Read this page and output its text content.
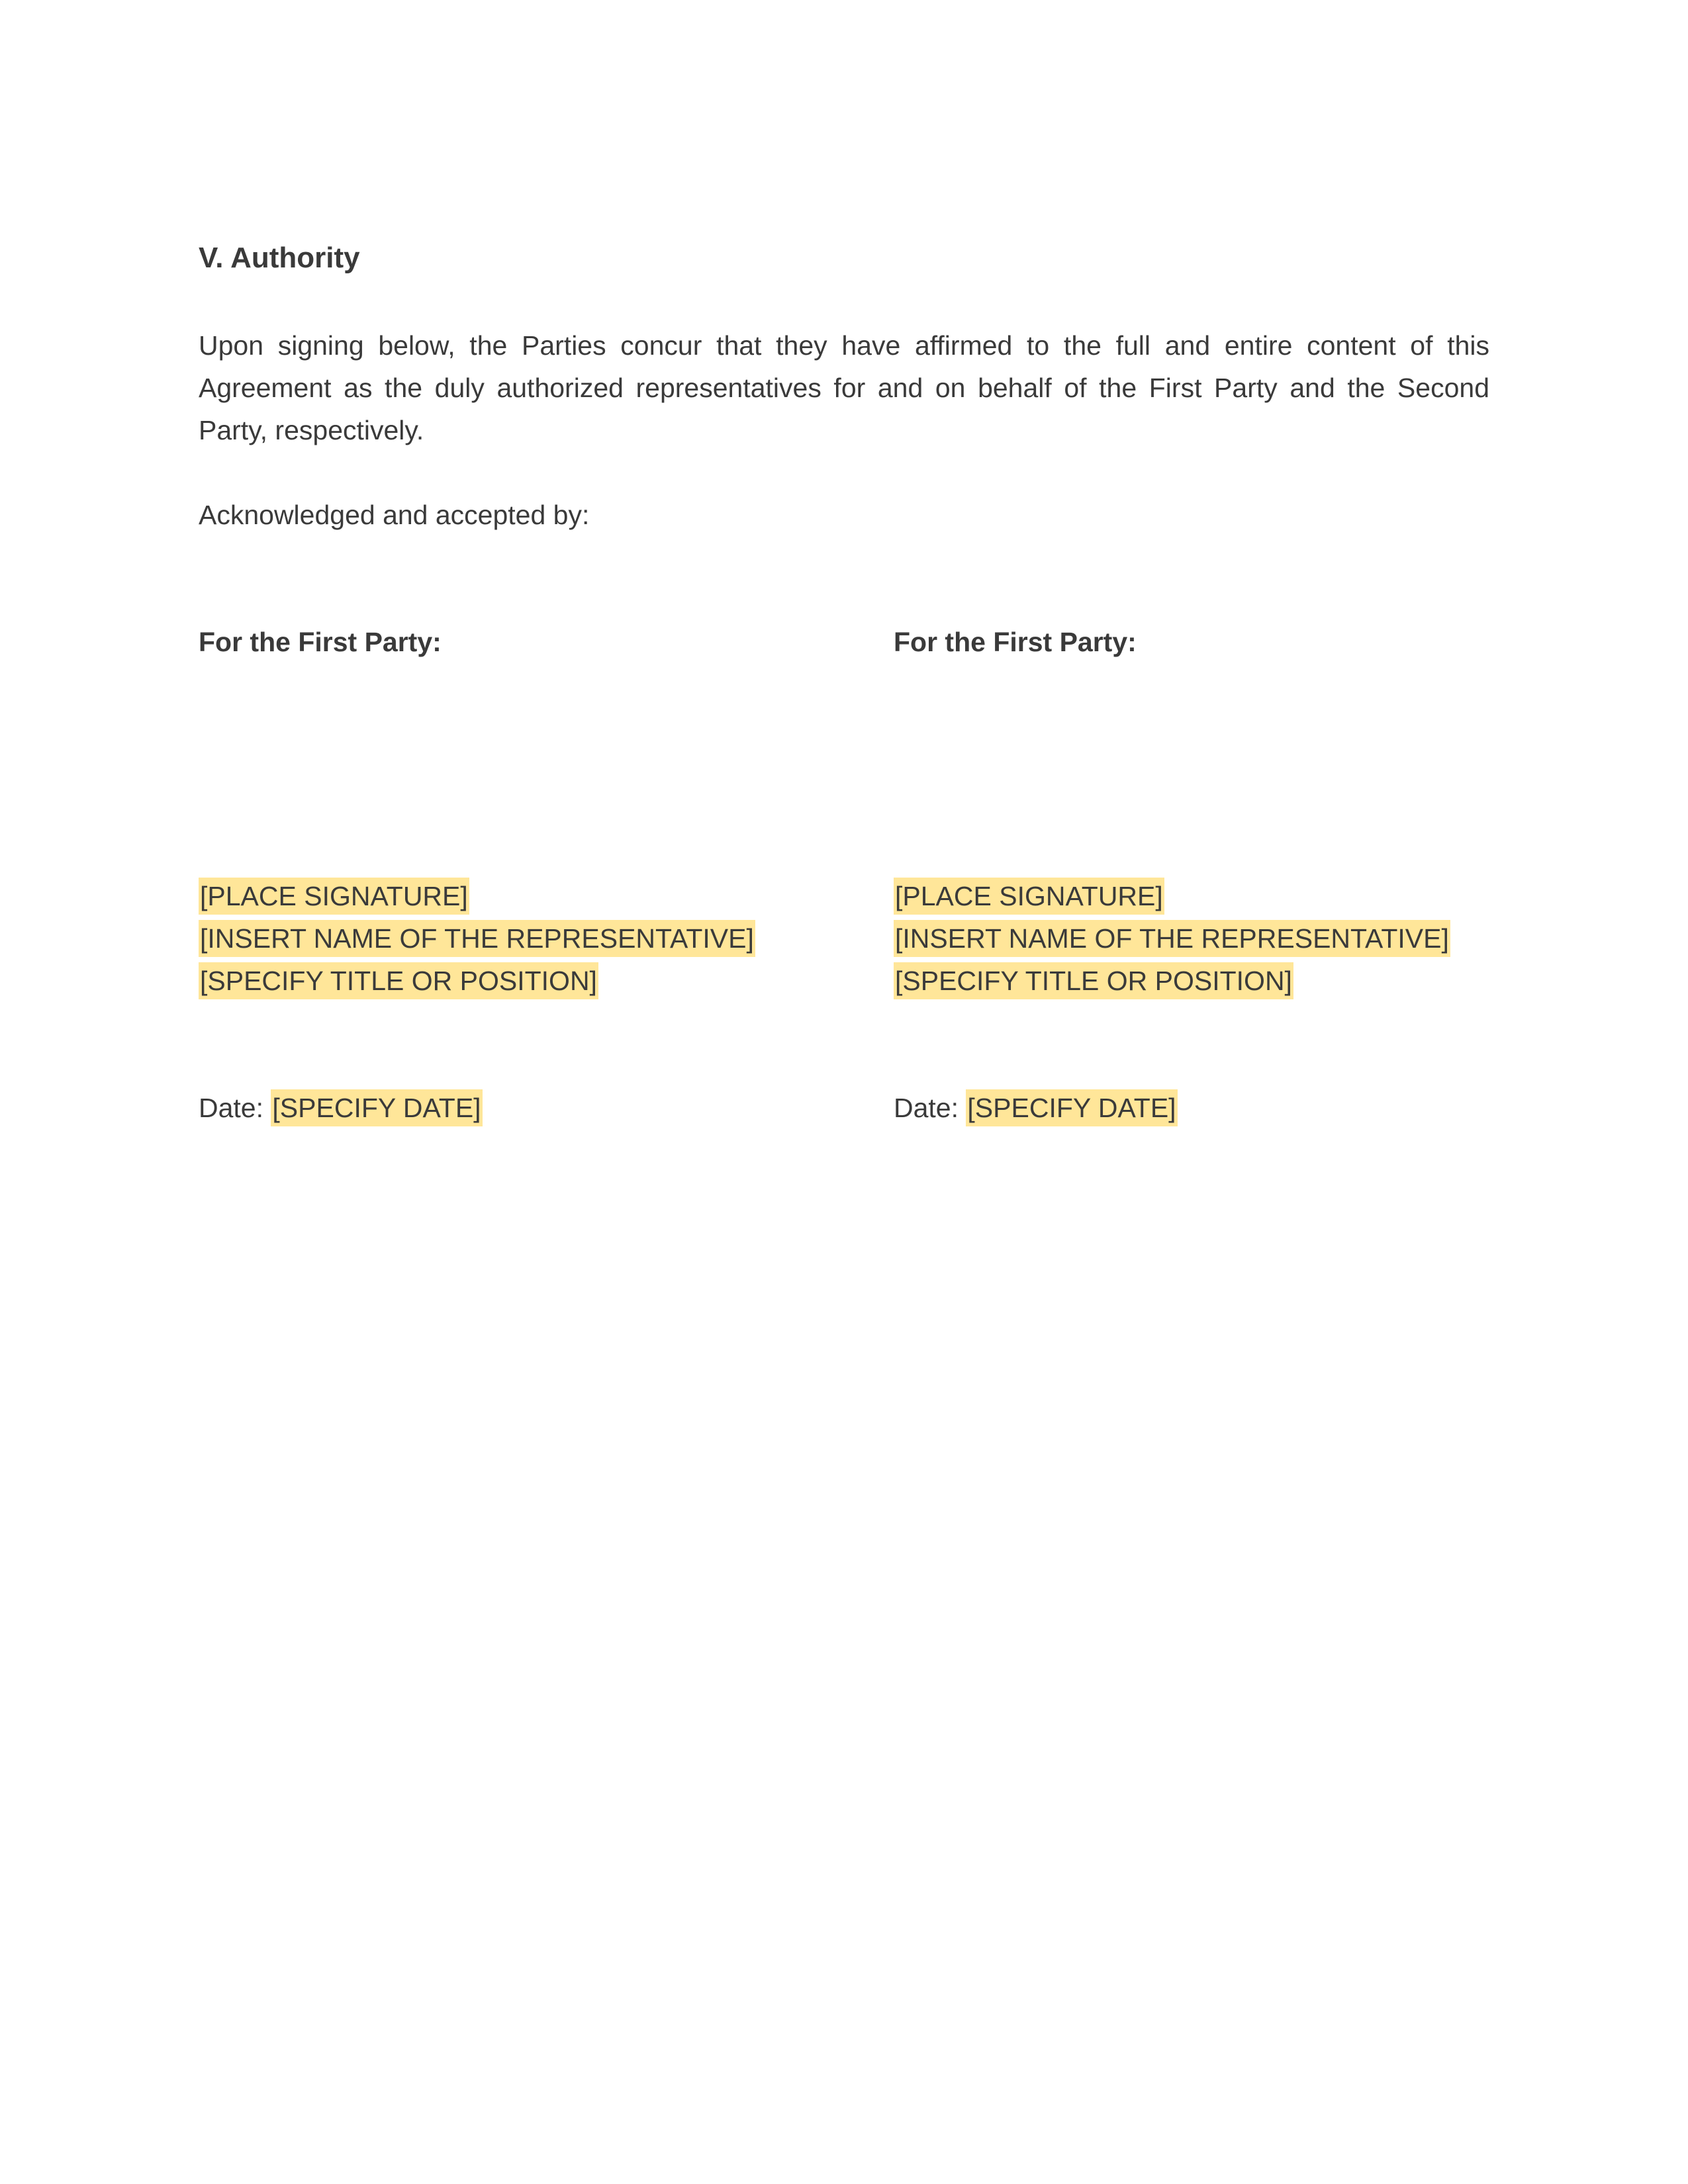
V. Authority

Upon signing below, the Parties concur that they have affirmed to the full and entire content of this Agreement as the duly authorized representatives for and on behalf of the First Party and the Second Party, respectively.

Acknowledged and accepted by:

For the First Party:

[PLACE SIGNATURE]
[INSERT NAME OF THE REPRESENTATIVE]
[SPECIFY TITLE OR POSITION]
Date: [SPECIFY DATE]

For the First Party:

[PLACE SIGNATURE]
[INSERT NAME OF THE REPRESENTATIVE]
[SPECIFY TITLE OR POSITION]
Date: [SPECIFY DATE]
